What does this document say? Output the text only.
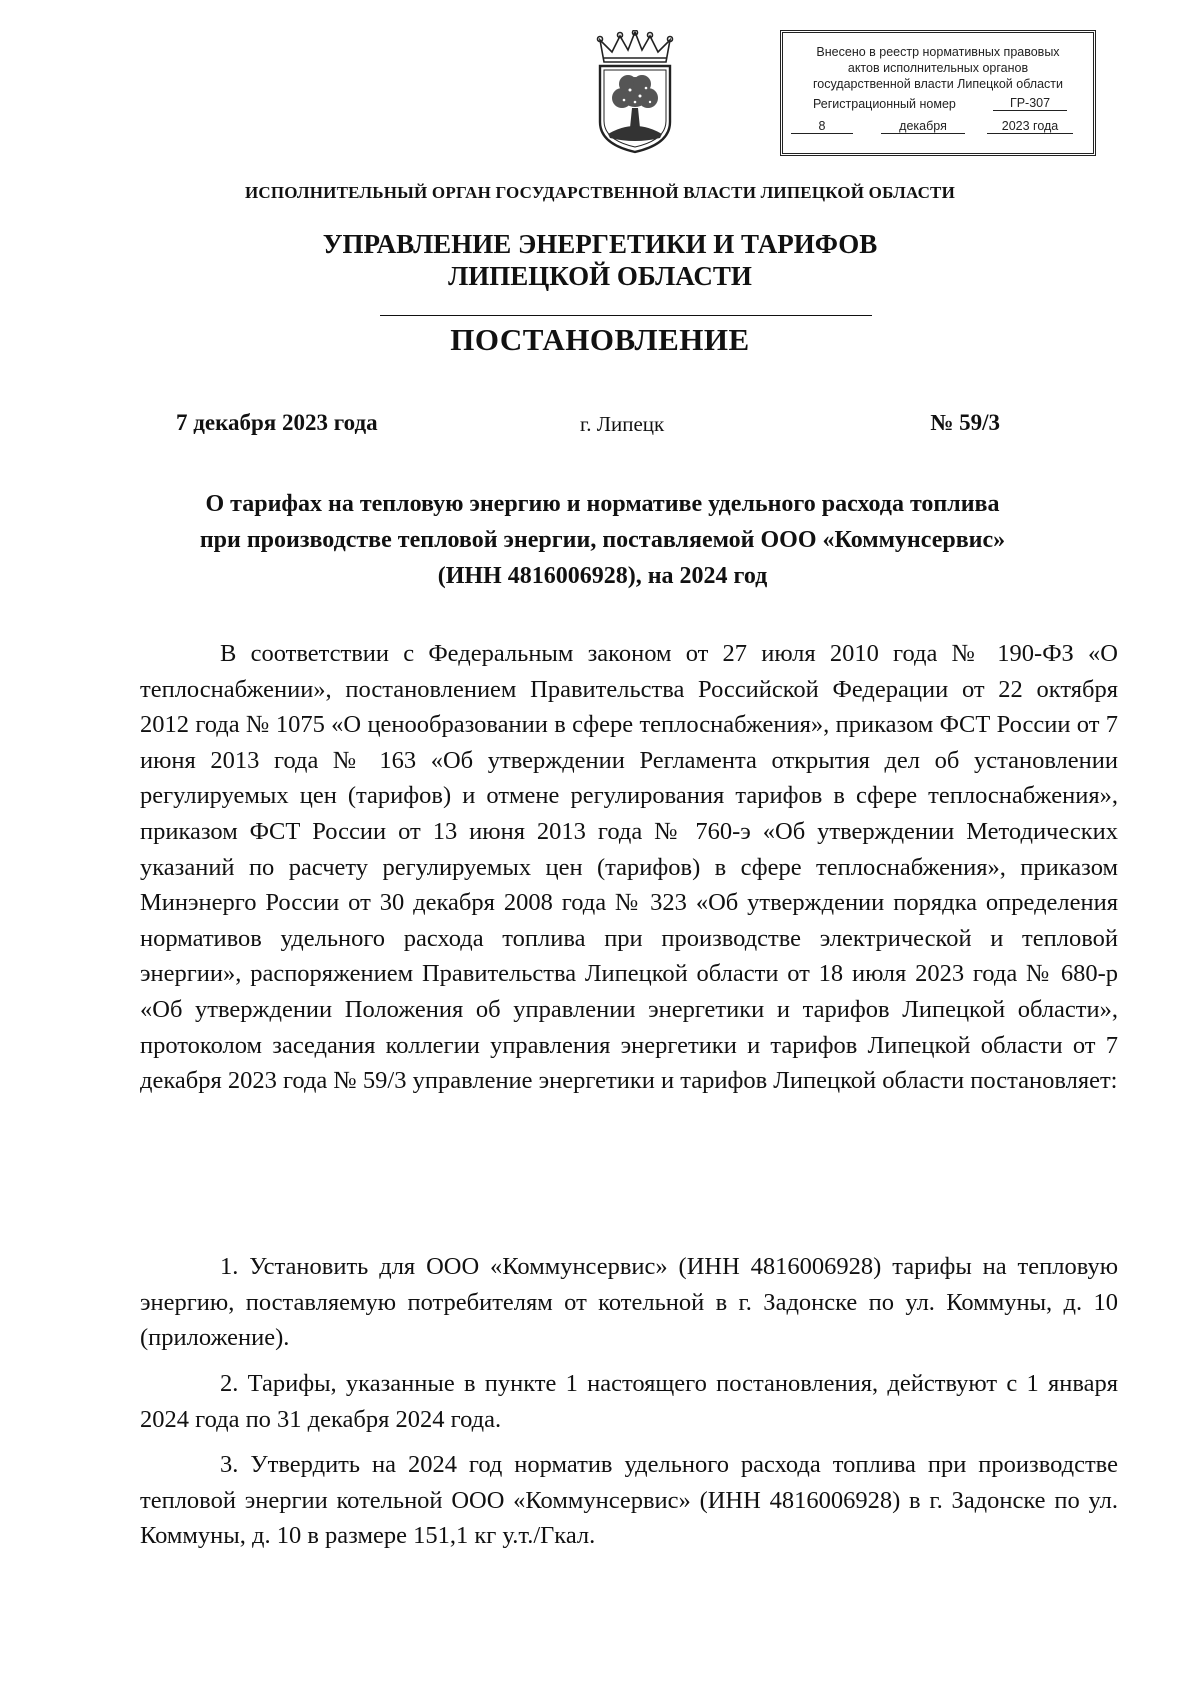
Внесено в реестр нормативных правовых
актов исполнительных органов
государственной власти Липецкой области
Регистрационный номер	ГР-307
8	декабря	2023 года
ИСПОЛНИТЕЛЬНЫЙ ОРГАН ГОСУДАРСТВЕННОЙ ВЛАСТИ ЛИПЕЦКОЙ ОБЛАСТИ
УПРАВЛЕНИЕ ЭНЕРГЕТИКИ И ТАРИФОВ
ЛИПЕЦКОЙ ОБЛАСТИ
ПОСТАНОВЛЕНИЕ
7 декабря 2023 года	г. Липецк	№ 59/3
О тарифах на тепловую энергию и нормативе удельного расхода топлива
при производстве тепловой энергии, поставляемой ООО «Коммунсервис»
(ИНН 4816006928), на 2024 год

В соответствии с Федеральным законом от 27 июля 2010 года № 190-ФЗ «О теплоснабжении», постановлением Правительства Российской Федерации от 22 октября 2012 года № 1075 «О ценообразовании в сфере теплоснабжения», приказом ФСТ России от 7 июня 2013 года № 163 «Об утверждении Регламента открытия дел об установлении регулируемых цен (тарифов) и отмене регулирования тарифов в сфере теплоснабжения», приказом ФСТ России от 13 июня 2013 года № 760-э «Об утверждении Методических указаний по расчету регулируемых цен (тарифов) в сфере теплоснабжения», приказом Минэнерго России от 30 декабря 2008 года № 323 «Об утверждении порядка определения нормативов удельного расхода топлива при производстве электрической и тепловой энергии», распоряжением Правительства Липецкой области от 18 июля 2023 года № 680-р «Об утверждении Положения об управлении энергетики и тарифов Липецкой области», протоколом заседания коллегии управления энергетики и тарифов Липецкой области от 7 декабря 2023 года № 59/3 управление энергетики и тарифов Липецкой области постановляет:

1. Установить для ООО «Коммунсервис» (ИНН 4816006928) тарифы на тепловую энергию, поставляемую потребителям от котельной в г. Задонске по ул. Коммуны, д. 10 (приложение).

2. Тарифы, указанные в пункте 1 настоящего постановления, действуют с 1 января 2024 года по 31 декабря 2024 года.

3. Утвердить на 2024 год норматив удельного расхода топлива при производстве тепловой энергии котельной ООО «Коммунсервис» (ИНН 4816006928) в г. Задонске по ул. Коммуны, д. 10 в размере 151,1 кг у.т./Гкал.
